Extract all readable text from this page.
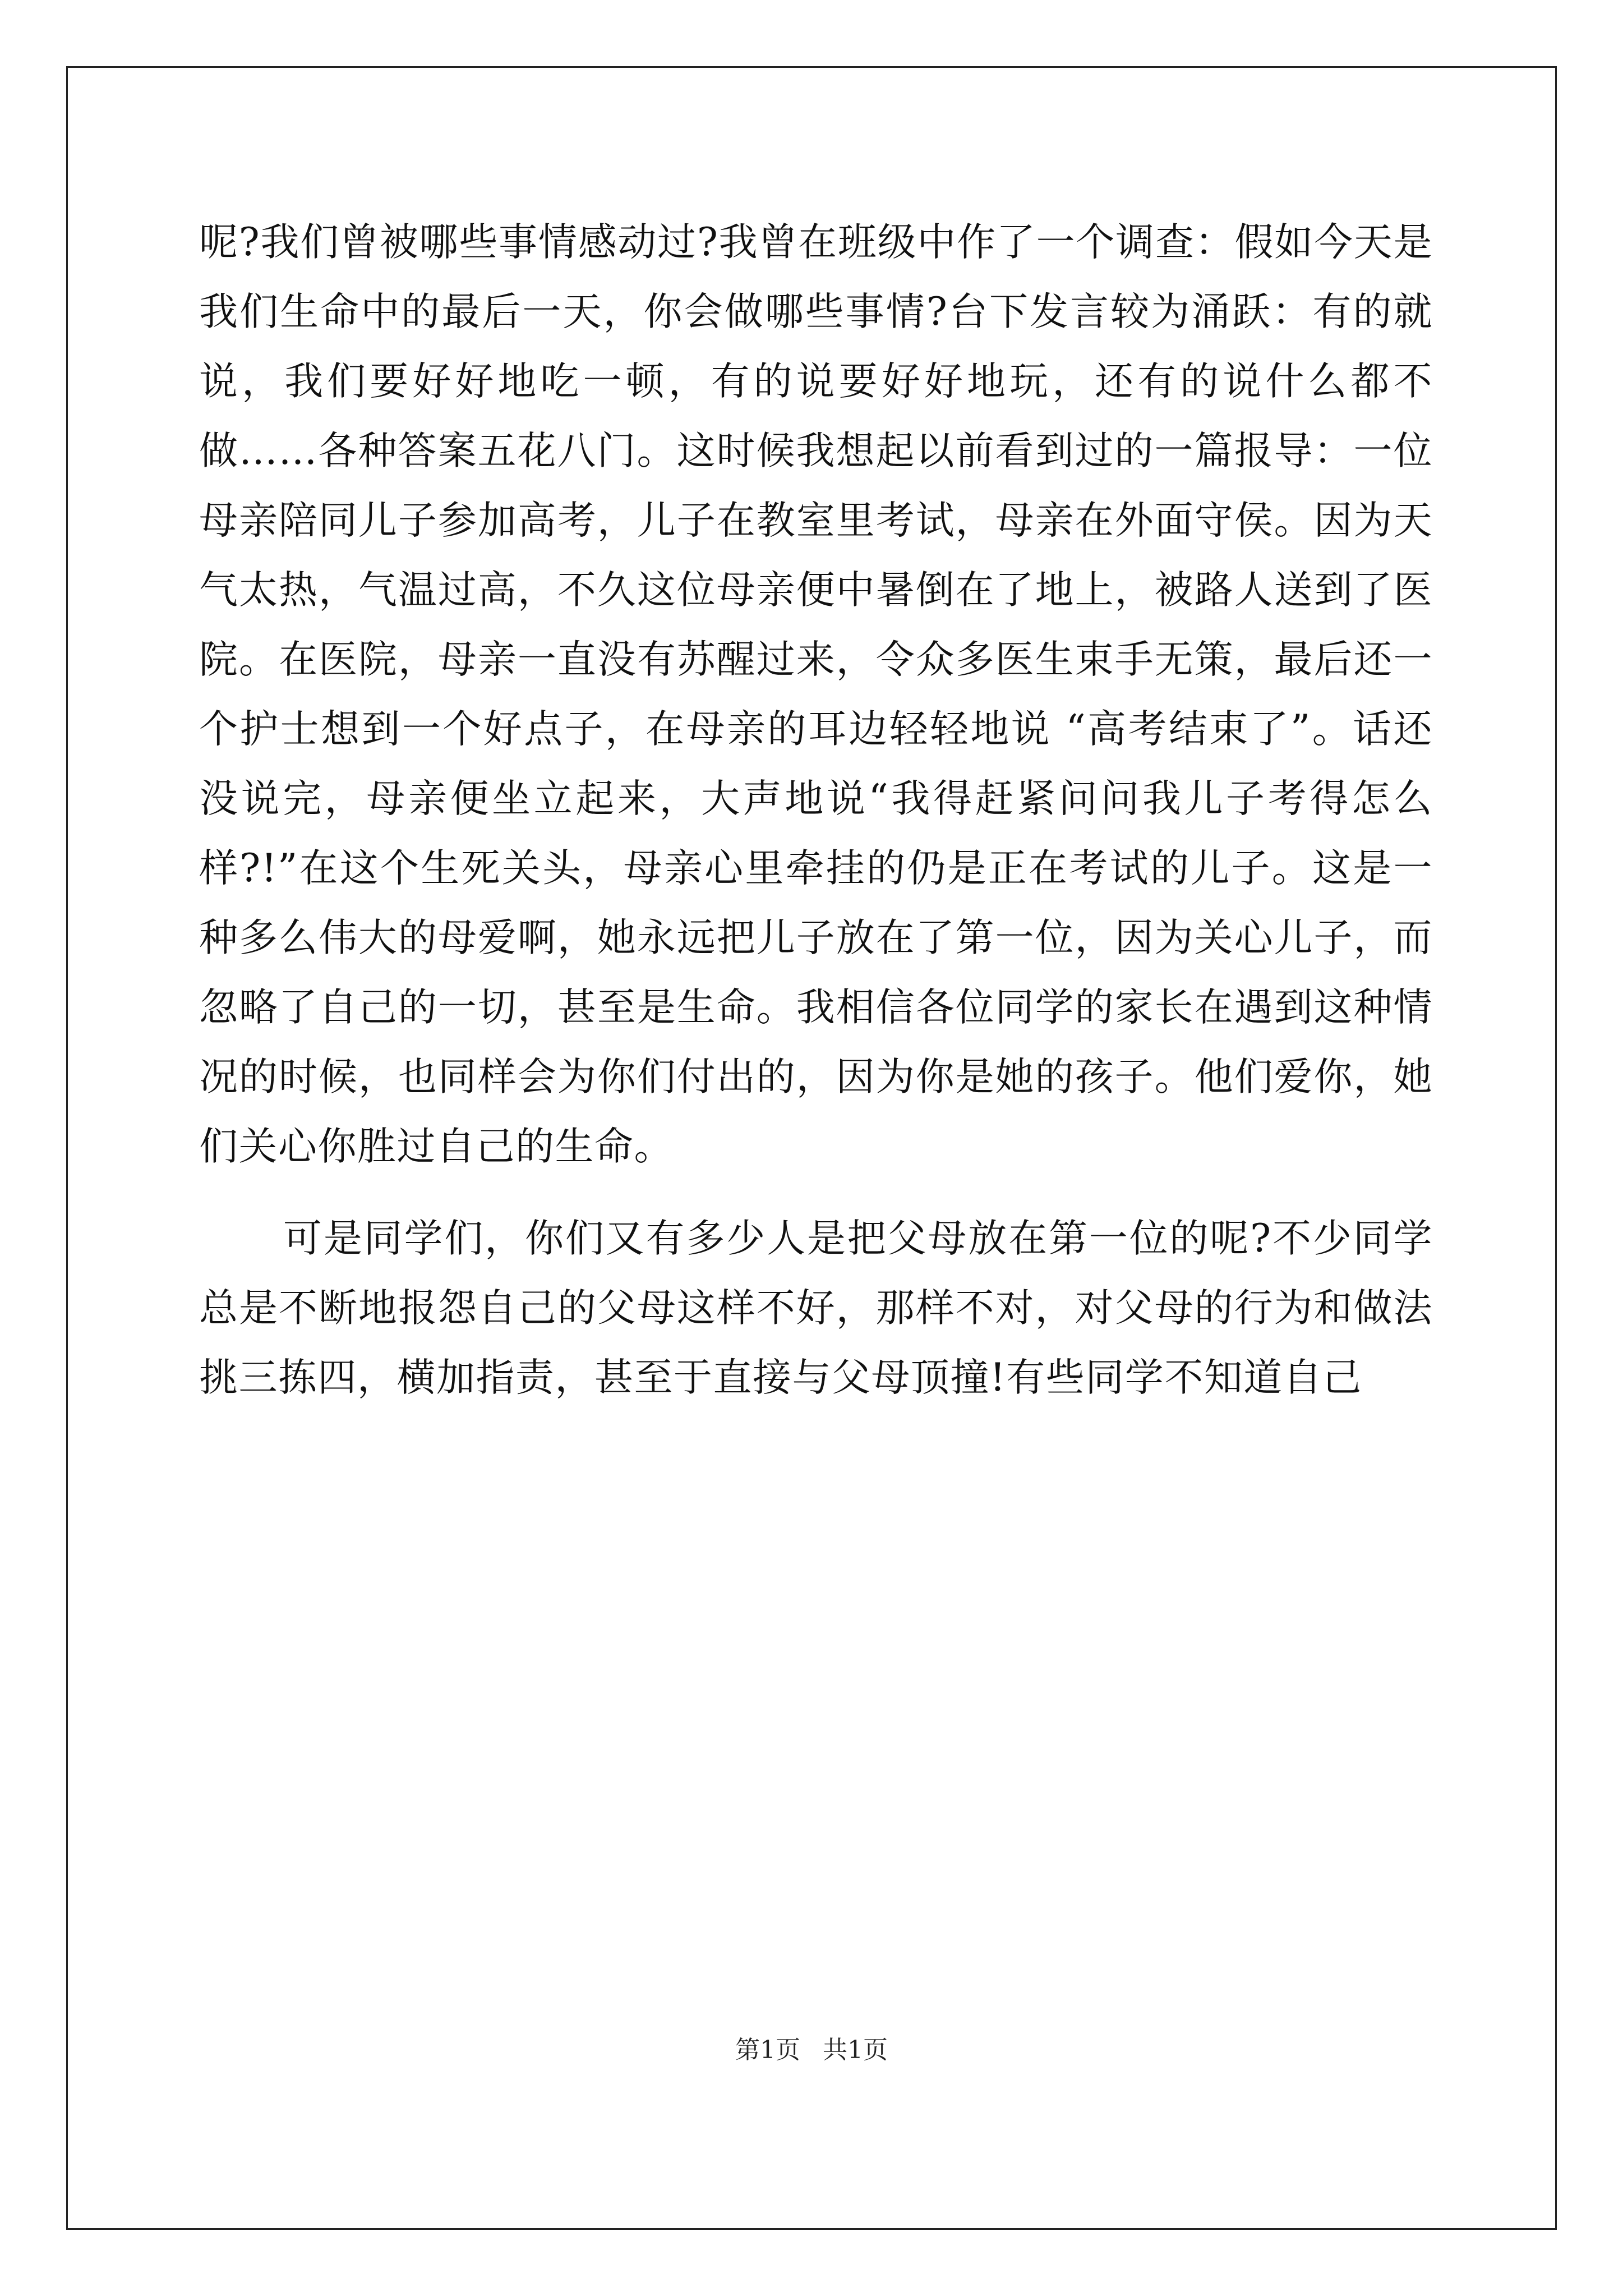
呢?我们曾被哪些事情感动过?我曾在班级中作了一个调查：假如今天是我们生命中的最后一天，你会做哪些事情?台下发言较为涌跃：有的就说，我们要好好地吃一顿，有的说要好好地玩，还有的说什么都不做……各种答案五花八门。这时候我想起以前看到过的一篇报导：一位母亲陪同儿子参加高考，儿子在教室里考试，母亲在外面守侯。因为天气太热，气温过高，不久这位母亲便中暑倒在了地上，被路人送到了医院。在医院，母亲一直没有苏醒过来，令众多医生束手无策，最后还一个护士想到一个好点子，在母亲的耳边轻轻地说 “高考结束了”。话还没说完，母亲便坐立起来，大声地说“我得赶紧问问我儿子考得怎么样?!”在这个生死关头，母亲心里牵挂的仍是正在考试的儿子。这是一种多么伟大的母爱啊，她永远把儿子放在了第一位，因为关心儿子，而忽略了自己的一切，甚至是生命。我相信各位同学的家长在遇到这种情况的时候，也同样会为你们付出的，因为你是她的孩子。他们爱你，她们关心你胜过自己的生命。

可是同学们，你们又有多少人是把父母放在第一位的呢?不少同学总是不断地报怨自己的父母这样不好，那样不对，对父母的行为和做法挑三拣四，横加指责，甚至于直接与父母顶撞!有些同学不知道自己

第1页 共1页
